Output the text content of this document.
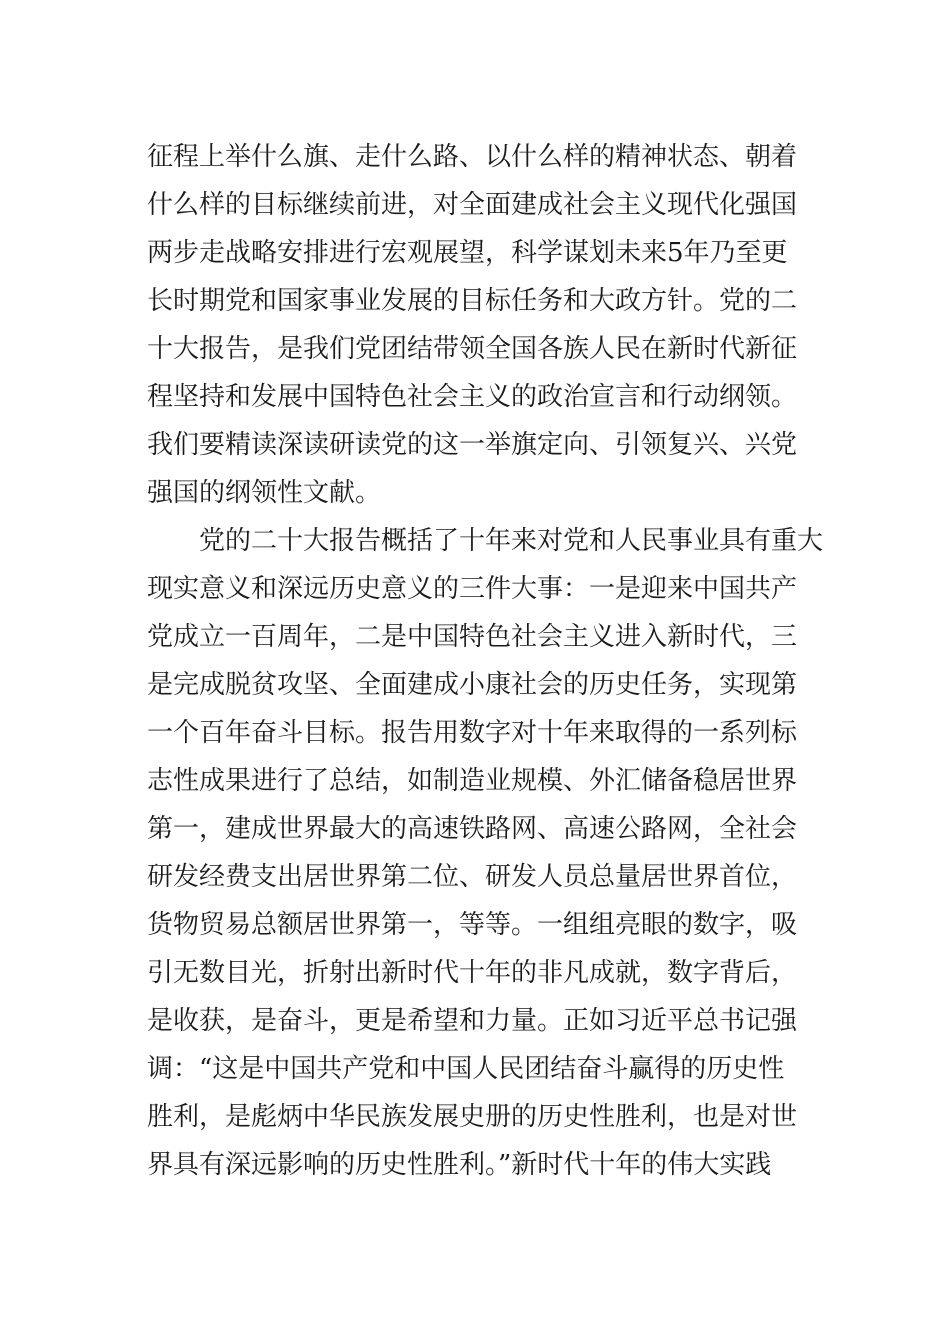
征程上举什么旗、走什么路、以什么样的精神状态、朝着
什么样的目标继续前进，对全面建成社会主义现代化强国
两步走战略安排进行宏观展望，科学谋划未来5年乃至更
长时期党和国家事业发展的目标任务和大政方针。党的二
十大报告，是我们党团结带领全国各族人民在新时代新征
程坚持和发展中国特色社会主义的政治宣言和行动纲领。
我们要精读深读研读党的这一举旗定向、引领复兴、兴党
强国的纲领性文献。
　　党的二十大报告概括了十年来对党和人民事业具有重大
现实意义和深远历史意义的三件大事：一是迎来中国共产
党成立一百周年，二是中国特色社会主义进入新时代，三
是完成脱贫攻坚、全面建成小康社会的历史任务，实现第
一个百年奋斗目标。报告用数字对十年来取得的一系列标
志性成果进行了总结，如制造业规模、外汇储备稳居世界
第一，建成世界最大的高速铁路网、高速公路网，全社会
研发经费支出居世界第二位、研发人员总量居世界首位，
货物贸易总额居世界第一，等等。一组组亮眼的数字，吸
引无数目光，折射出新时代十年的非凡成就，数字背后，
是收获，是奋斗，更是希望和力量。正如习近平总书记强
调：“这是中国共产党和中国人民团结奋斗赢得的历史性
胜利，是彪炳中华民族发展史册的历史性胜利，也是对世
界具有深远影响的历史性胜利。”新时代十年的伟大实践
